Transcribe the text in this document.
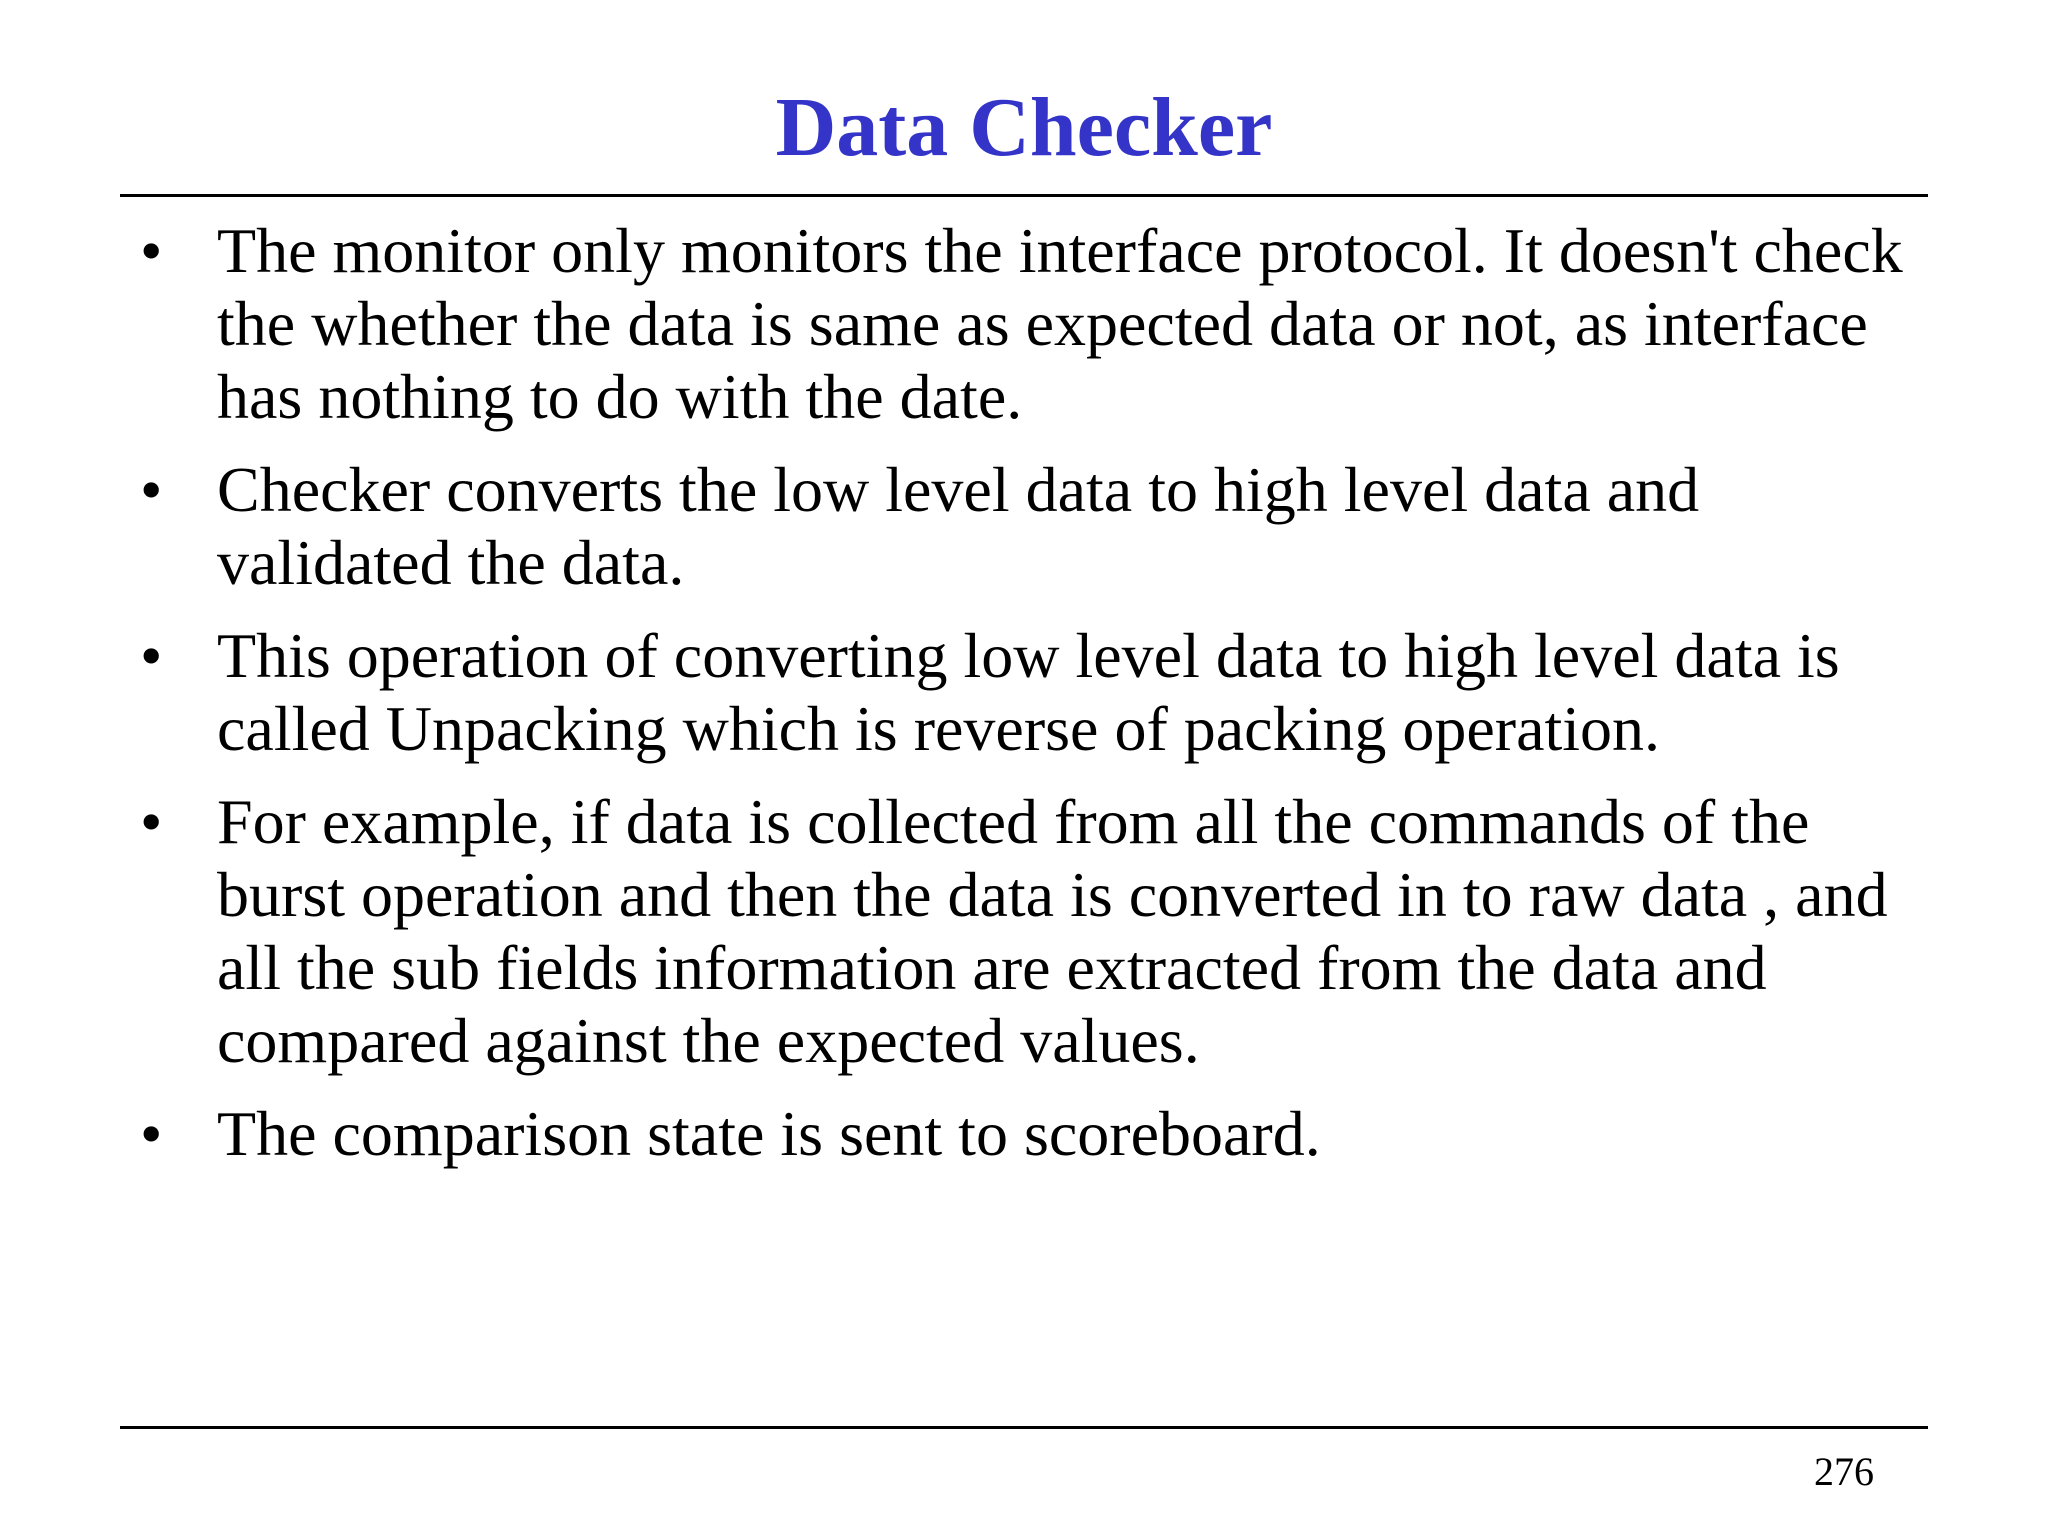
Data Checker
• The monitor only monitors the interface protocol. It doesn't check the whether the data is same as expected data or not, as interface has nothing to do with the date.
• Checker converts the low level data to high level data and validated the data.
• This operation of converting low level data to high level data is called Unpacking which is reverse of packing operation.
• For example, if data is collected from all the commands of the burst operation and then the data is converted in to raw data , and all the sub fields information are extracted from the data and compared against the expected values.
• The comparison state is sent to scoreboard.
276
